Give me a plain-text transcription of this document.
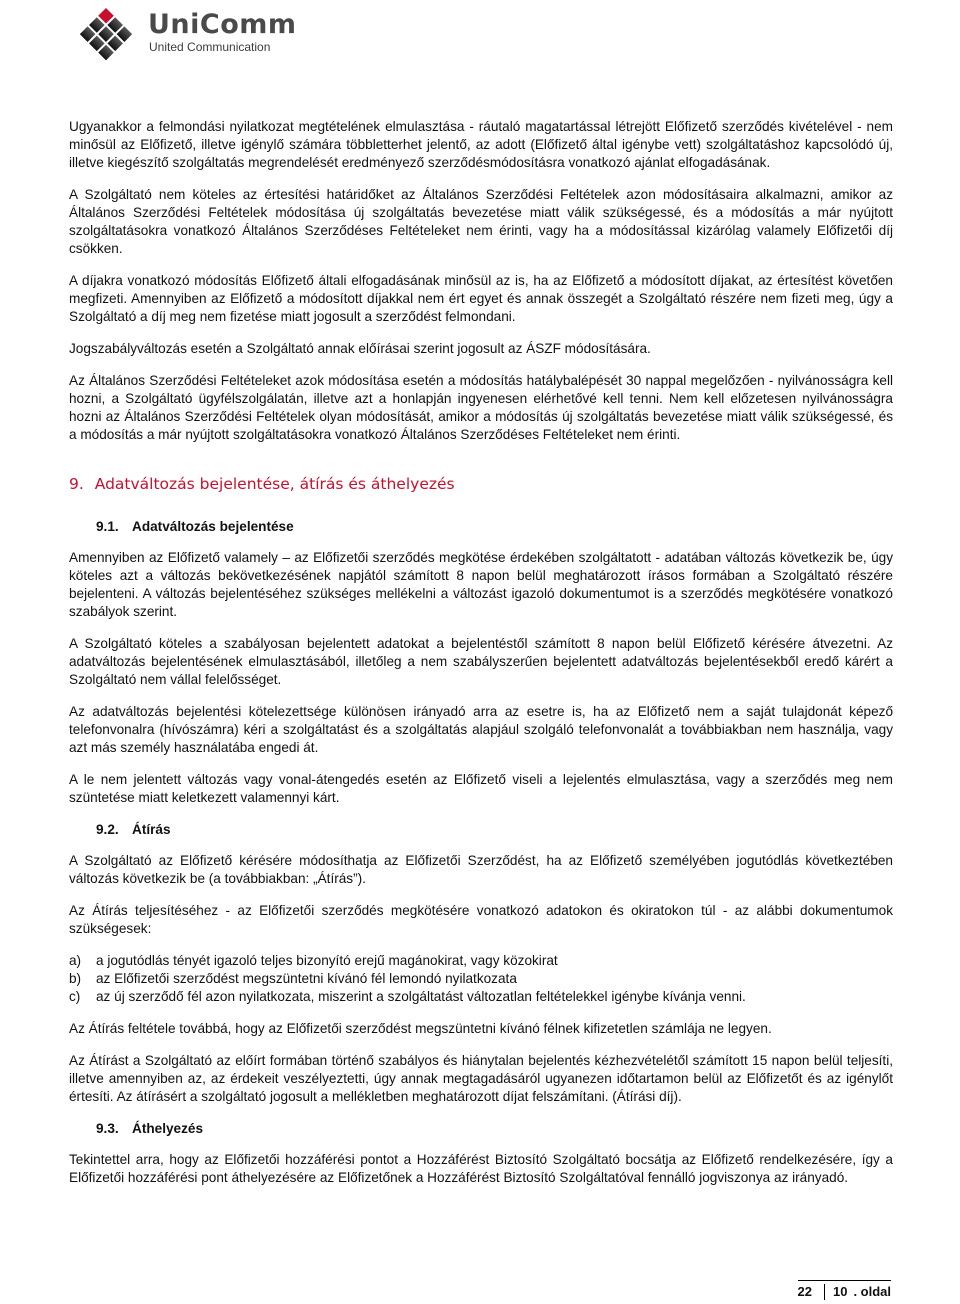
UniComm
United Communication

Ugyanakkor a felmondási nyilatkozat megtételének elmulasztása - ráutaló magatartással létrejött Előfizető szerződés kivételével - nem minősül az Előfizető, illetve igénylő számára többletterhet jelentő, az adott (Előfizető által igénybe vett) szolgáltatáshoz kapcsolódó új, illetve kiegészítő szolgáltatás megrendelését eredményező szerződésmódosításra vonatkozó ajánlat elfogadásának.

A Szolgáltató nem köteles az értesítési határidőket az Általános Szerződési Feltételek azon módosításaira alkalmazni, amikor az Általános Szerződési Feltételek módosítása új szolgáltatás bevezetése miatt válik szükségessé, és a módosítás a már nyújtott szolgáltatásokra vonatkozó Általános Szerződéses Feltételeket nem érinti, vagy ha a módosítással kizárólag valamely Előfizetői díj csökken.

A díjakra vonatkozó módosítás Előfizető általi elfogadásának minősül az is, ha az Előfizető a módosított díjakat, az értesítést követően megfizeti. Amennyiben az Előfizető a módosított díjakkal nem ért egyet és annak összegét a Szolgáltató részére nem fizeti meg, úgy a Szolgáltató a díj meg nem fizetése miatt jogosult a szerződést felmondani.

Jogszabályváltozás esetén a Szolgáltató annak előírásai szerint jogosult az ÁSZF módosítására.

Az Általános Szerződési Feltételeket azok módosítása esetén a módosítás hatálybalépését 30 nappal megelőzően - nyilvánosságra kell hozni, a Szolgáltató ügyfélszolgálatán, illetve azt a honlapján ingyenesen elérhetővé kell tenni. Nem kell előzetesen nyilvánosságra hozni az Általános Szerződési Feltételek olyan módosítását, amikor a módosítás új szolgáltatás bevezetése miatt válik szükségessé, és a módosítás a már nyújtott szolgáltatásokra vonatkozó Általános Szerződéses Feltételeket nem érinti.

9. Adatváltozás bejelentése, átírás és áthelyezés
9.1. Adatváltozás bejelentése

Amennyiben az Előfizető valamely – az Előfizetői szerződés megkötése érdekében szolgáltatott - adatában változás következik be, úgy köteles azt a változás bekövetkezésének napjától számított 8 napon belül meghatározott írásos formában a Szolgáltató részére bejelenteni. A változás bejelentéséhez szükséges mellékelni a változást igazoló dokumentumot is a szerződés megkötésére vonatkozó szabályok szerint.

A Szolgáltató köteles a szabályosan bejelentett adatokat a bejelentéstől számított 8 napon belül Előfizető kérésére átvezetni. Az adatváltozás bejelentésének elmulasztásából, illetőleg a nem szabályszerűen bejelentett adatváltozás bejelentésekből eredő kárért a Szolgáltató nem vállal felelősséget.

Az adatváltozás bejelentési kötelezettsége különösen irányadó arra az esetre is, ha az Előfizető nem a saját tulajdonát képező telefonvonalra (hívószámra) kéri a szolgáltatást és a szolgáltatás alapjául szolgáló telefonvonalát a továbbiakban nem használja, vagy azt más személy használatába engedi át.

A le nem jelentett változás vagy vonal-átengedés esetén az Előfizető viseli a lejelentés elmulasztása, vagy a szerződés meg nem szüntetése miatt keletkezett valamennyi kárt.

9.2. Átírás

A Szolgáltató az Előfizető kérésére módosíthatja az Előfizetői Szerződést, ha az Előfizető személyében jogutódlás következtében változás következik be (a továbbiakban: „Átírás”).

Az Átírás teljesítéséhez - az Előfizetői szerződés megkötésére vonatkozó adatokon és okiratokon túl - az alábbi dokumentumok szükségesek:

a)	a jogutódlás tényét igazoló teljes bizonyító erejű magánokirat, vagy közokirat
b)	az Előfizetői szerződést megszüntetni kívánó fél lemondó nyilatkozata
c)	az új szerződő fél azon nyilatkozata, miszerint a szolgáltatást változatlan feltételekkel igénybe kívánja venni.

Az Átírás feltétele továbbá, hogy az Előfizetői szerződést megszüntetni kívánó félnek kifizetetlen számlája ne legyen.

Az Átírást a Szolgáltató az előírt formában történő szabályos és hiánytalan bejelentés kézhezvételétől számított 15 napon belül teljesíti, illetve amennyiben az, az érdekeit veszélyeztetti, úgy annak megtagadásáról ugyanezen időtartamon belül az Előfizetőt és az igénylőt értesíti. Az átírásért a szolgáltató jogosult a mellékletben meghatározott díjat felszámítani. (Átírási díj).

9.3. Áthelyezés

Tekintettel arra, hogy az Előfizetői hozzáférési pontot a Hozzáférést Biztosító Szolgáltató bocsátja az Előfizető rendelkezésére, így a Előfizetői hozzáférési pont áthelyezésére az Előfizetőnek a Hozzáférést Biztosító Szolgáltatóval fennálló jogviszonya az irányadó.

22	10 . oldal
